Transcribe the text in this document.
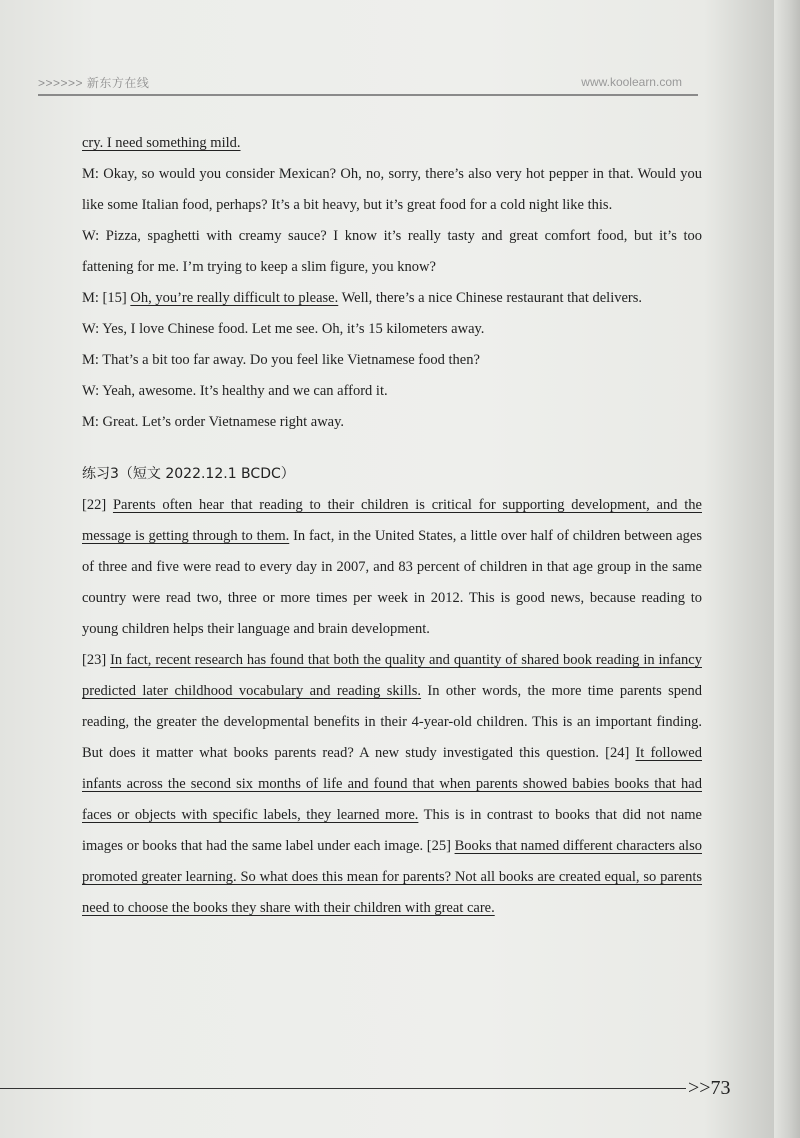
>>>>>> 新东方在线	www.koolearn.com

cry. I need something mild.

M: Okay, so would you consider Mexican? Oh, no, sorry, there’s also very hot pepper in that. Would you like some Italian food, perhaps? It’s a bit heavy, but it’s great food for a cold night like this.

W: Pizza, spaghetti with creamy sauce? I know it’s really tasty and great comfort food, but it’s too fattening for me. I’m trying to keep a slim figure, you know?

M: [15] Oh, you’re really difficult to please. Well, there’s a nice Chinese restaurant that delivers.

W: Yes, I love Chinese food. Let me see. Oh, it’s 15 kilometers away.

M: That’s a bit too far away. Do you feel like Vietnamese food then?

W: Yeah, awesome. It’s healthy and we can afford it.

M: Great. Let’s order Vietnamese right away.

练习3（短文 2022.12.1 BCDC）

[22] Parents often hear that reading to their children is critical for supporting development, and the message is getting through to them. In fact, in the United States, a little over half of children between ages of three and five were read to every day in 2007, and 83 percent of children in that age group in the same country were read two, three or more times per week in 2012. This is good news, because reading to young children helps their language and brain development.

[23] In fact, recent research has found that both the quality and quantity of shared book reading in infancy predicted later childhood vocabulary and reading skills. In other words, the more time parents spend reading, the greater the developmental benefits in their 4-year-old children. This is an important finding. But does it matter what books parents read? A new study investigated this question. [24] It followed infants across the second six months of life and found that when parents showed babies books that had faces or objects with specific labels, they learned more. This is in contrast to books that did not name images or books that had the same label under each image. [25] Books that named different characters also promoted greater learning. So what does this mean for parents? Not all books are created equal, so parents need to choose the books they share with their children with great care.

>>73
